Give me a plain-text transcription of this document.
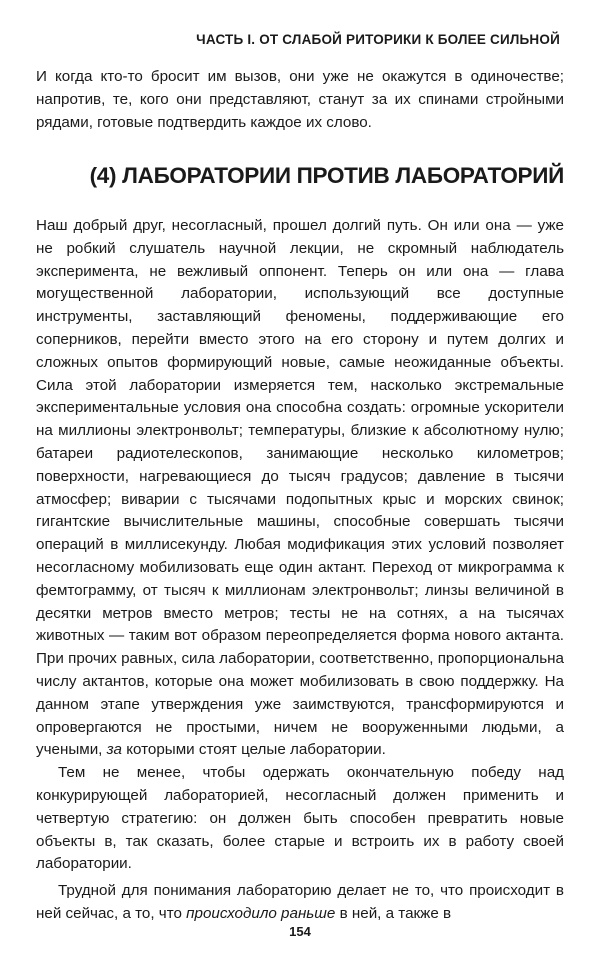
ЧАСТЬ I. ОТ СЛАБОЙ РИТОРИКИ К БОЛЕЕ СИЛЬНОЙ
И когда кто-то бросит им вызов, они уже не окажутся в одиночестве; напротив, те, кого они представляют, станут за их спинами стройными рядами, готовые подтвердить каждое их слово.
(4) ЛАБОРАТОРИИ ПРОТИВ ЛАБОРАТОРИЙ

Наш добрый друг, несогласный, прошел долгий путь. Он или она — уже не робкий слушатель научной лекции, не скромный наблюдатель эксперимента, не вежливый оппонент. Теперь он или она — глава могущественной лаборатории, использующий все доступные инструменты, заставляющий феномены, поддерживающие его соперников, перейти вместо этого на его сторону и путем долгих и сложных опытов формирующий новые, самые неожиданные объекты. Сила этой лаборатории измеряется тем, насколько экстремальные экспериментальные условия она способна создать: огромные ускорители на миллионы электронвольт; температуры, близкие к абсолютному нулю; батареи радиотелескопов, занимающие несколько километров; поверхности, нагревающиеся до тысяч градусов; давление в тысячи атмосфер; виварии с тысячами подопытных крыс и морских свинок; гигантские вычислительные машины, способные совершать тысячи операций в миллисекунду. Любая модификация этих условий позволяет несогласному мобилизовать еще один актант. Переход от микрограмма к фемтограмму, от тысяч к миллионам электронвольт; линзы величиной в десятки метров вместо метров; тесты не на сотнях, а на тысячах животных — таким вот образом переопределяется форма нового актанта. При прочих равных, сила лаборатории, соответственно, пропорциональна числу актантов, которые она может мобилизовать в свою поддержку. На данном этапе утверждения уже заимствуются, трансформируются и опровергаются не простыми, ничем не вооруженными людьми, а учеными, за которыми стоят целые лаборатории.

Тем не менее, чтобы одержать окончательную победу над конкурирующей лабораторией, несогласный должен применить и четвертую стратегию: он должен быть способен превратить новые объекты в, так сказать, более старые и встроить их в работу своей лаборатории.

Трудной для понимания лабораторию делает не то, что происходит в ней сейчас, а то, что происходило раньше в ней, а также в

154
